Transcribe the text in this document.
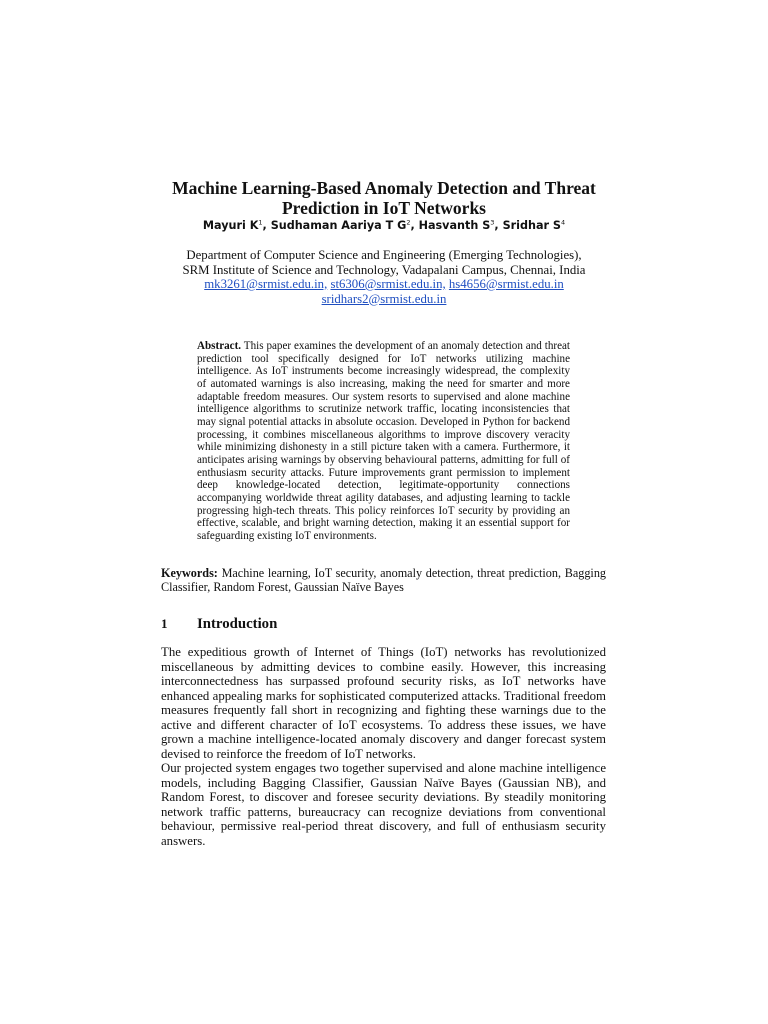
Machine Learning-Based Anomaly Detection and Threat
Prediction in IoT Networks
Mayuri $K^1$, Sudhaman Aariya T $G^2$, Hasvanth $S^3$, Sridhar $S^4$
Department of Computer Science and Engineering (Emerging Technologies),
SRM Institute of Science and Technology, Vadapalani Campus, Chennai, India
mk3261@srmist.edu.in, st6306@srmist.edu.in, hs4656@srmist.edu.in
sridhars2@srmist.edu.in

Abstract. This paper examines the development of an anomaly detection and threat prediction tool specifically designed for IoT networks utilizing machine intelligence. As IoT instruments become increasingly widespread, the complexity of automated warnings is also increasing, making the need for smarter and more adaptable freedom measures. Our system resorts to supervised and alone machine intelligence algorithms to scrutinize network traffic, locating inconsistencies that may signal potential attacks in absolute occasion. Developed in Python for backend processing, it combines miscellaneous algorithms to improve discovery veracity while minimizing dishonesty in a still picture taken with a camera. Furthermore, it anticipates arising warnings by observing behavioural patterns, admitting for full of enthusiasm security attacks. Future improvements grant permission to implement deep knowledge-located detection, legitimate-opportunity connections accompanying worldwide threat agility databases, and adjusting learning to tackle progressing high-tech threats. This policy reinforces IoT security by providing an effective, scalable, and bright warning detection, making it an essential support for safeguarding existing IoT environments.

Keywords: Machine learning, IoT security, anomaly detection, threat prediction, Bagging Classifier, Random Forest, Gaussian Naïve Bayes

1 Introduction

The expeditious growth of Internet of Things (IoT) networks has revolutionized miscellaneous by admitting devices to combine easily. However, this increasing interconnectedness has surpassed profound security risks, as IoT networks have enhanced appealing marks for sophisticated computerized attacks. Traditional freedom measures frequently fall short in recognizing and fighting these warnings due to the active and different character of IoT ecosystems. To address these issues, we have grown a machine intelligence-located anomaly discovery and danger forecast system devised to reinforce the freedom of IoT networks.

Our projected system engages two together supervised and alone machine intelligence models, including Bagging Classifier, Gaussian Naïve Bayes (Gaussian NB), and Random Forest, to discover and foresee security deviations. By steadily monitoring network traffic patterns, bureaucracy can recognize deviations from conventional behaviour, permissive real-period threat discovery, and full of enthusiasm security answers.
